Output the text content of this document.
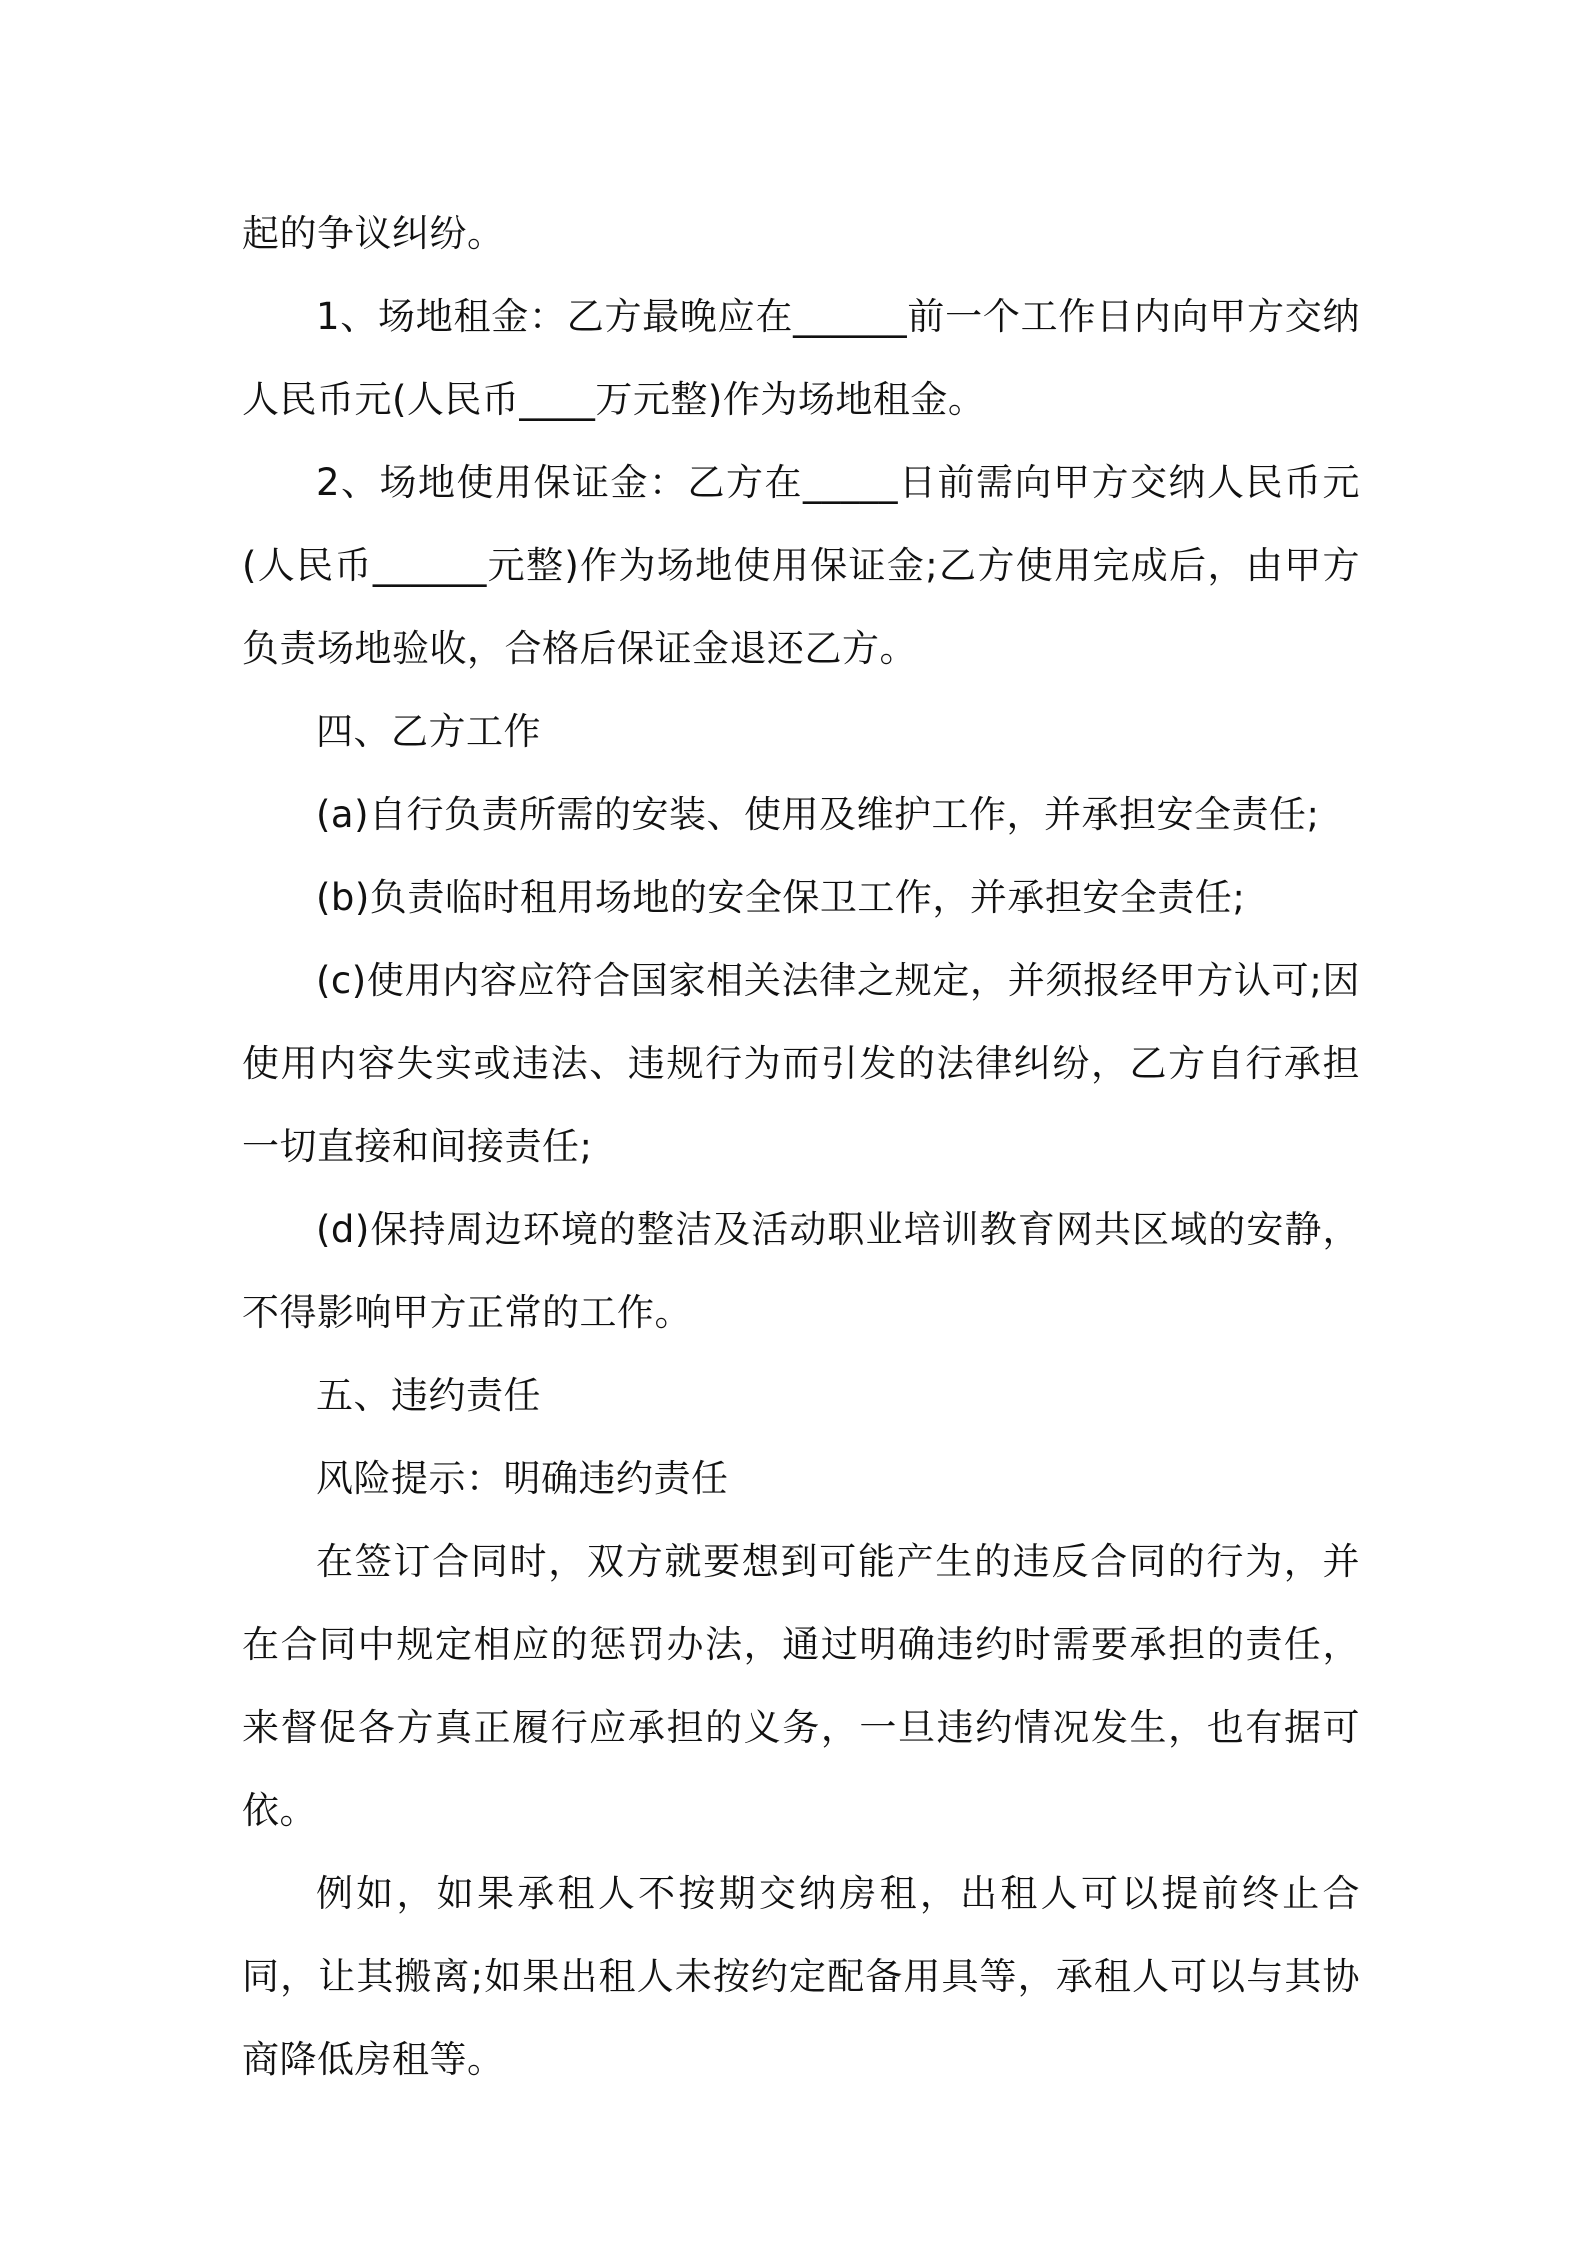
起的争议纠纷。

1、场地租金：乙方最晚应在______前一个工作日内向甲方交纳人民币元(人民币____万元整)作为场地租金。

2、场地使用保证金：乙方在_____日前需向甲方交纳人民币元(人民币______元整)作为场地使用保证金;乙方使用完成后，由甲方负责场地验收，合格后保证金退还乙方。

四、乙方工作

(a)自行负责所需的安装、使用及维护工作，并承担安全责任;

(b)负责临时租用场地的安全保卫工作，并承担安全责任;

(c)使用内容应符合国家相关法律之规定，并须报经甲方认可;因使用内容失实或违法、违规行为而引发的法律纠纷，乙方自行承担一切直接和间接责任;

(d)保持周边环境的整洁及活动职业培训教育网共区域的安静，不得影响甲方正常的工作。

五、违约责任

风险提示：明确违约责任

在签订合同时，双方就要想到可能产生的违反合同的行为，并在合同中规定相应的惩罚办法，通过明确违约时需要承担的责任，来督促各方真正履行应承担的义务，一旦违约情况发生，也有据可依。

例如，如果承租人不按期交纳房租，出租人可以提前终止合同，让其搬离;如果出租人未按约定配备用具等，承租人可以与其协商降低房租等。
